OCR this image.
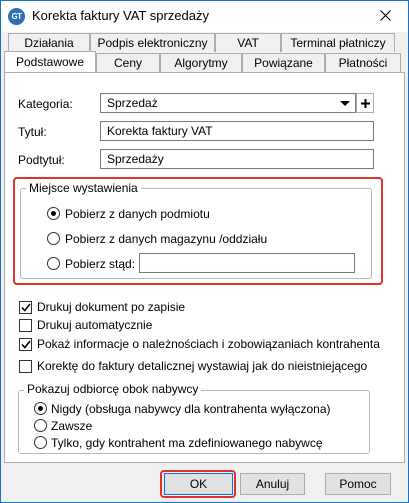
GT Korekta faktury VAT sprzedaży
Działania Podpis elektroniczny VAT	Terminal płatniczy
Podstawowe Ceny	Algorytmy Powiązane Płatności
Kategoria:	Sprzedaż
Tytuł:	Korekta faktury VAT
Podtytuł:	Sprzedaży
Miejsce wystawienia
Pobierz z danych podmiotu
Pobierz z danych magazynu /oddziału
Pobierz stąd:
Drukuj dokument po zapisie
Drukuj automatycznie
Pokaż informacje o należnościach i zobowiązaniach kontrahenta
Korektę do faktury detalicznej wystawiaj jak do nieistniejącego
Pokazuj odbiorcę obok nabywcy
Nigdy (obsługa nabywcy dla kontrahenta wyłączona)
Zawsze
Tylko, gdy kontrahent ma zdefiniowanego nabywcę
OK	Anuluj	Pomoc
